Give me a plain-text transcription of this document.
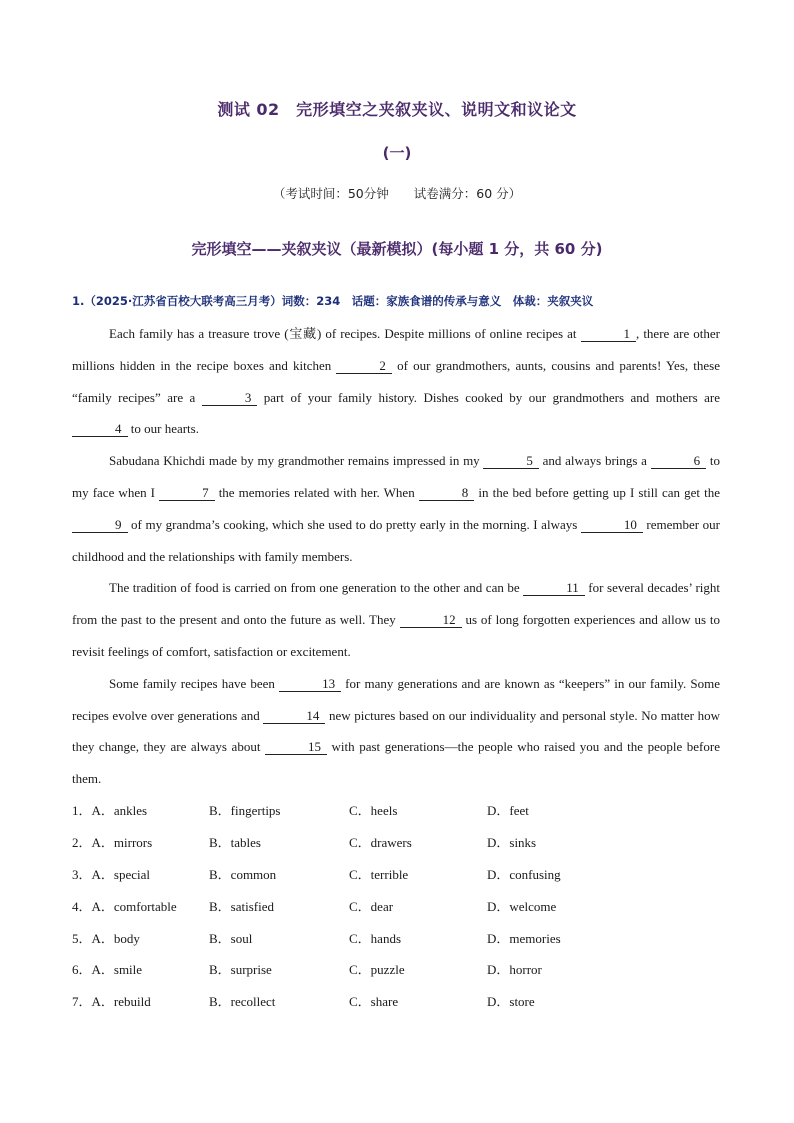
测试 02　完形填空之夹叙夹议、说明文和议论文
(一)
（考试时间：50分钟　　试卷满分：60 分）
完形填空——夹叙夹议（最新模拟）(每小题 1 分，共 60 分)
1.（2025·江苏省百校大联考高三月考）词数：234　话题：家族食谱的传承与意义　体裁：夹叙夹议

Each family has a treasure trove (宝藏) of recipes. Despite millions of online recipes at	1 , there are other millions hidden in the recipe boxes and kitchen	2 of our grandmothers, aunts, cousins and parents! Yes, these “family recipes” are a	3 part of your family history. Dishes cooked by our grandmothers and mothers are 4 to our hearts.

Sabudana Khichdi made by my grandmother remains impressed in my	5 and always brings a	6 to my face when I	7 the memories related with her. When	8 in the bed before getting up I still can get the 9 of my grandma’s cooking, which she used to do pretty early in the morning. I always	10 remember our childhood and the relationships with family members.

The tradition of food is carried on from one generation to the other and can be	11 for several decades’ right from the past to the present and onto the future as well. They	12 us of long forgotten experiences and allow us to revisit feelings of comfort, satisfaction or excitement.

Some family recipes have been	13 for many generations and are known as “keepers” in our family. Some recipes evolve over generations and	14 new pictures based on our individuality and personal style. No matter how they change, they are always about	15 with past generations—the people who raised you and the people before them.

1．A．ankles	B．fingertips	C．heels	D．feet
2．A．mirrors	B．tables	C．drawers	D．sinks
3．A．special	B．common	C．terrible	D．confusing
4．A．comfortable B．satisfied	C．dear	D．welcome
5．A．body	B．soul	C．hands	D．memories
6．A．smile	B．surprise	C．puzzle	D．horror
7．A．rebuild	B．recollect	C．share	D．store
